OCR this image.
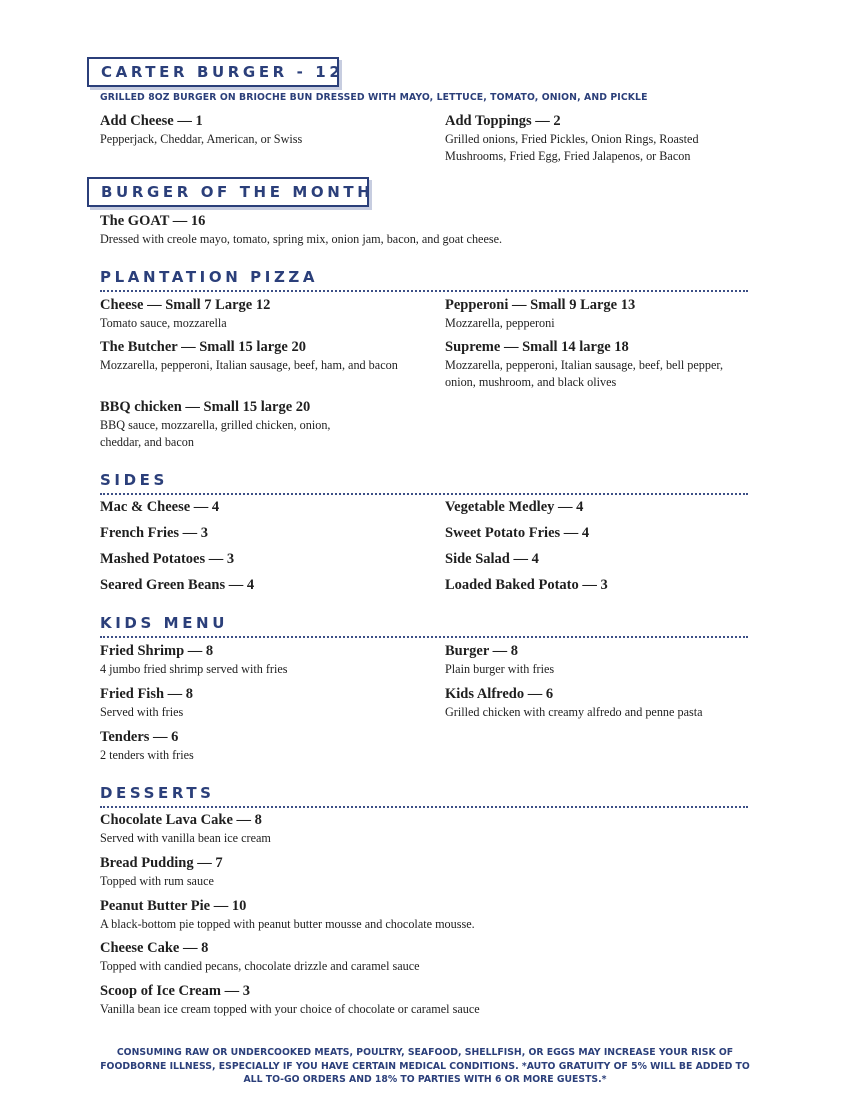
CARTER BURGER - 12
GRILLED 8OZ BURGER ON BRIOCHE BUN DRESSED WITH MAYO, LETTUCE, TOMATO, ONION, AND PICKLE
Add Cheese — 1
Pepperjack, Cheddar, American, or Swiss
Add Toppings — 2
Grilled onions, Fried Pickles, Onion Rings, Roasted Mushrooms, Fried Egg, Fried Jalapenos, or Bacon
BURGER OF THE MONTH
The GOAT — 16
Dressed with creole mayo, tomato, spring mix, onion jam, bacon, and goat cheese.
PLANTATION PIZZA
Cheese — Small 7 Large 12
Tomato sauce, mozzarella
Pepperoni — Small 9 Large 13
Mozzarella, pepperoni
The Butcher — Small 15 large 20
Mozzarella, pepperoni, Italian sausage, beef, ham, and bacon
Supreme — Small 14 large 18
Mozzarella, pepperoni, Italian sausage, beef, bell pepper, onion, mushroom, and black olives
BBQ chicken — Small 15 large 20
BBQ sauce, mozzarella, grilled chicken, onion, cheddar, and bacon
SIDES
Mac & Cheese — 4	Vegetable Medley — 4
French Fries — 3	Sweet Potato Fries — 4
Mashed Potatoes — 3	Side Salad — 4
Seared Green Beans — 4	Loaded Baked Potato — 3
KIDS MENU
Fried Shrimp — 8
4 jumbo fried shrimp served with fries
Burger — 8
Plain burger with fries
Fried Fish — 8
Served with fries
Kids Alfredo — 6
Grilled chicken with creamy alfredo and penne pasta
Tenders — 6
2 tenders with fries
DESSERTS
Chocolate Lava Cake — 8
Served with vanilla bean ice cream
Bread Pudding — 7
Topped with rum sauce
Peanut Butter Pie — 10
A black-bottom pie topped with peanut butter mousse and chocolate mousse.
Cheese Cake — 8
Topped with candied pecans, chocolate drizzle and caramel sauce
Scoop of Ice Cream — 3
Vanilla bean ice cream topped with your choice of chocolate or caramel sauce
CONSUMING RAW OR UNDERCOOKED MEATS, POULTRY, SEAFOOD, SHELLFISH, OR EGGS MAY INCREASE YOUR RISK OF FOODBORNE ILLNESS, ESPECIALLY IF YOU HAVE CERTAIN MEDICAL CONDITIONS. *AUTO GRATUITY OF 5% WILL BE ADDED TO ALL TO-GO ORDERS AND 18% TO PARTIES WITH 6 OR MORE GUESTS.*
